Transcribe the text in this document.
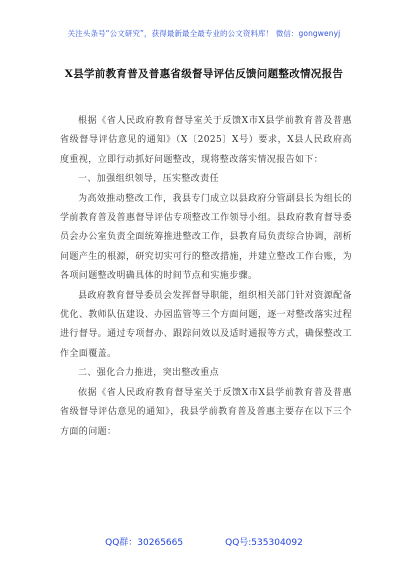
关注头条号“公文研究”，获得最新最全最专业的公文资料库！ 微信：gongwenyj
X县学前教育普及普惠省级督导评估反馈问题整改情况报告

根据《省人民政府教育督导室关于反馈X市X县学前教育普及普惠省级督导评估意见的通知》（X〔2025〕X号）要求，X县人民政府高度重视，立即行动抓好问题整改，现将整改落实情况报告如下：

一、加强组织领导，压实整改责任

为高效推动整改工作，我县专门成立以县政府分管副县长为组长的学前教育普及普惠督导评估专项整改工作领导小组。县政府教育督导委员会办公室负责全面统筹推进整改工作，县教育局负责综合协调，剖析问题产生的根源，研究切实可行的整改措施，并建立整改工作台账，为各项问题整改明确具体的时间节点和实施步骤。

县政府教育督导委员会发挥督导职能，组织相关部门针对资源配备优化、教师队伍建设、办园监管等三个方面问题，逐一对整改落实过程进行督导。通过专项督办、跟踪问效以及适时通报等方式，确保整改工作全面覆盖。

二、强化合力推进，突出整改重点

依据《省人民政府教育督导室关于反馈X市X县学前教育普及普惠省级督导评估意见的通知》，我县学前教育普及普惠主要存在以下三个方面的问题：

QQ群：30265665	QQ号:535304092
